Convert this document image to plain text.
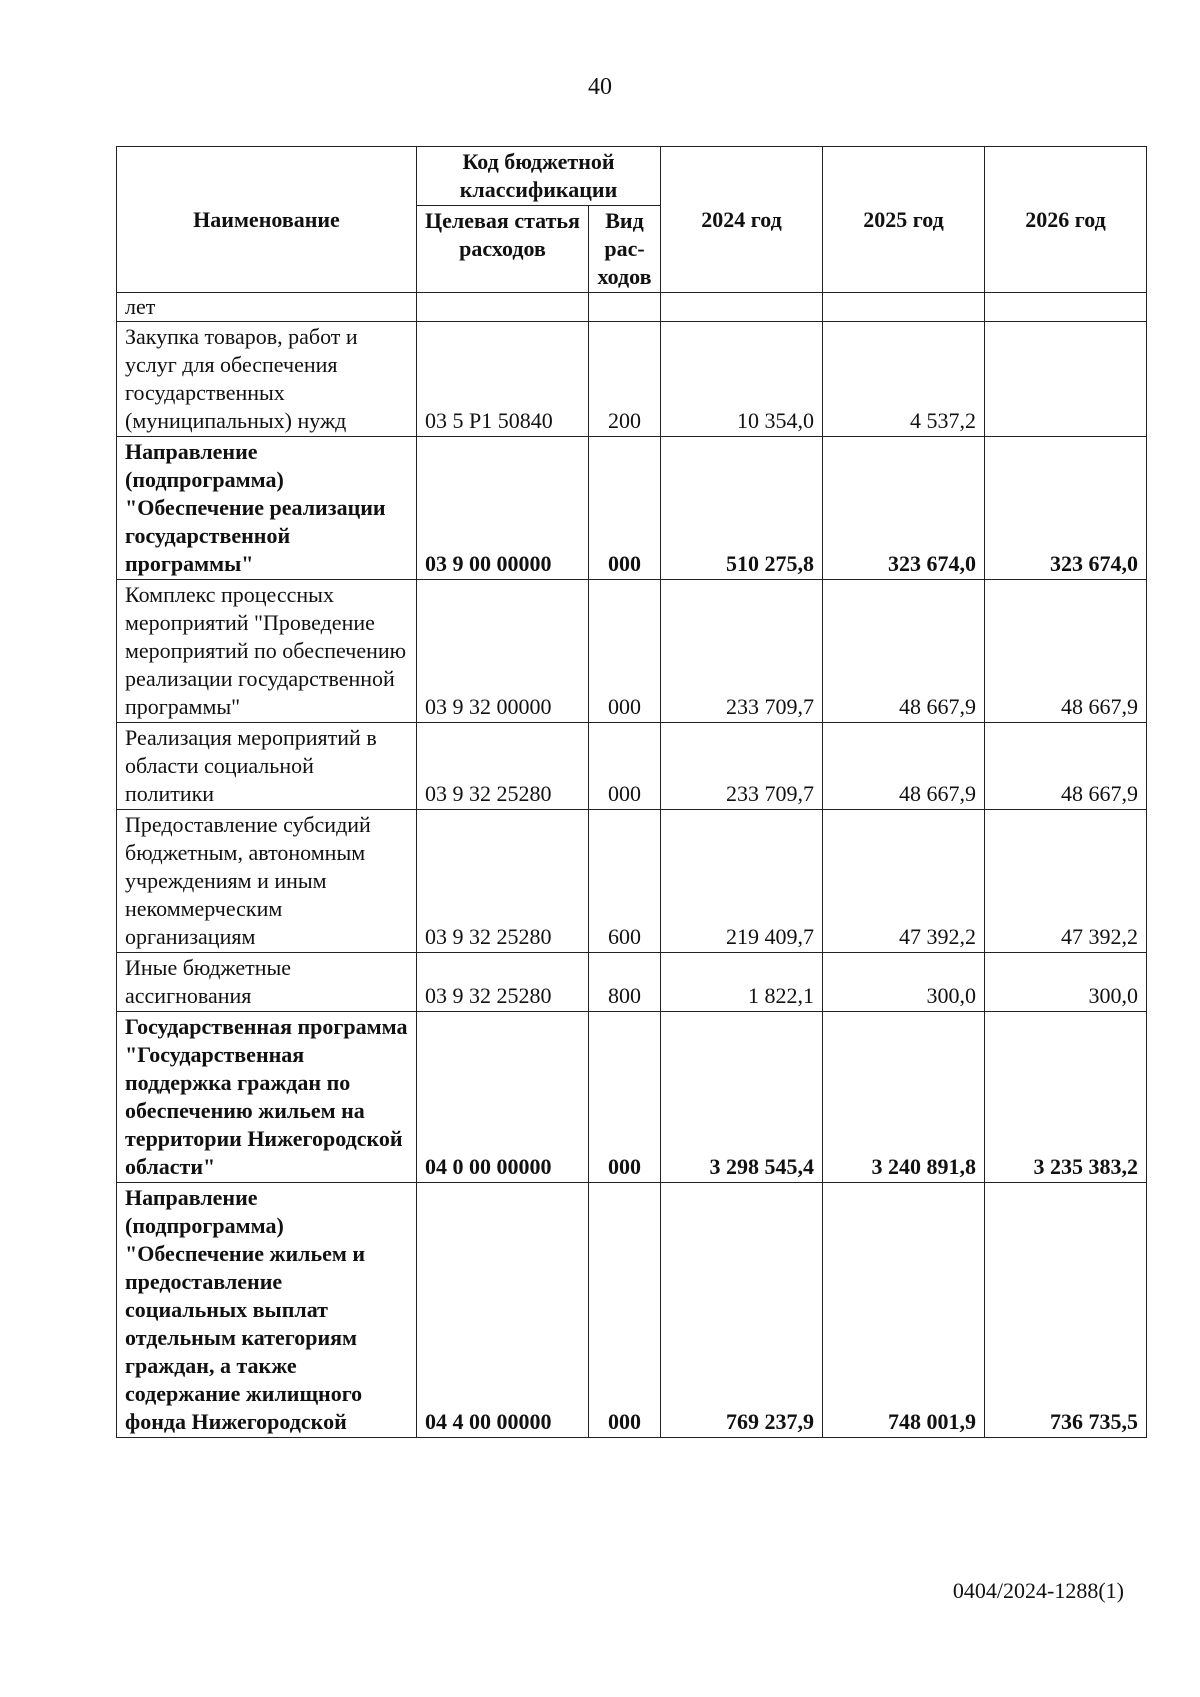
40
Наименование	Код бюджетной классификации		2024 год	2025 год	2026 год
	Целевая статья расходов	Вид рас-ходов			
лет					
Закупка товаров, работ и услуг для обеспечения государственных (муниципальных) нужд	03 5 P1 50840	200	10 354,0	4 537,2	
Направление (подпрограмма) "Обеспечение реализации государственной программы"	03 9 00 00000	000	510 275,8	323 674,0	323 674,0
Комплекс процессных мероприятий "Проведение мероприятий по обеспечению реализации государственной программы"	03 9 32 00000	000	233 709,7	48 667,9	48 667,9
Реализация мероприятий в области социальной политики	03 9 32 25280	000	233 709,7	48 667,9	48 667,9
Предоставление субсидий бюджетным, автономным учреждениям и иным некоммерческим организациям	03 9 32 25280	600	219 409,7	47 392,2	47 392,2
Иные бюджетные ассигнования	03 9 32 25280	800	1 822,1	300,0	300,0
Государственная программа "Государственная поддержка граждан по обеспечению жильем на территории Нижегородской области"	04 0 00 00000	000	3 298 545,4	3 240 891,8	3 235 383,2
Направление (подпрограмма) "Обеспечение жильем и предоставление социальных выплат отдельным категориям граждан, а также содержание жилищного фонда Нижегородской	04 4 00 00000	000	769 237,9	748 001,9	736 735,5
0404/2024-1288(1)
